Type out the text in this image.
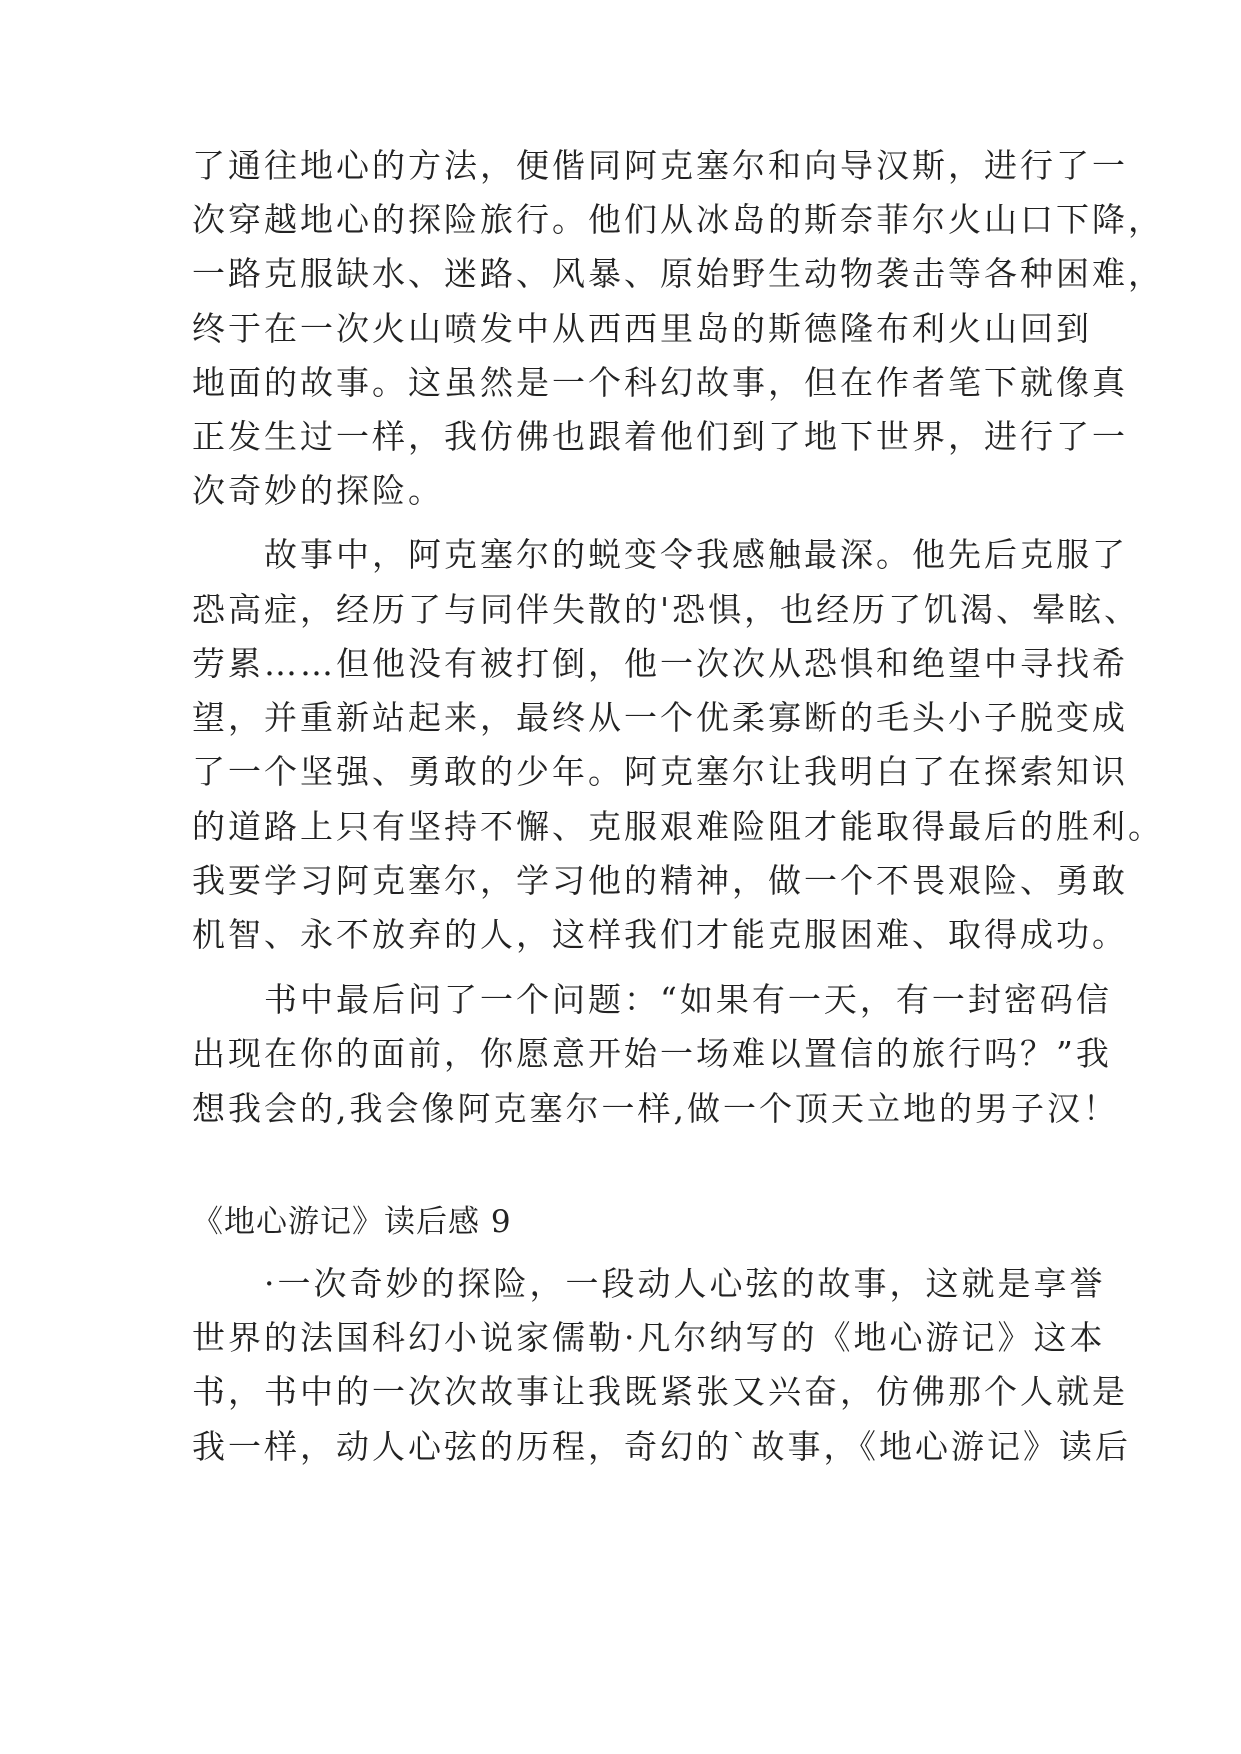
了通往地心的方法，便偕同阿克塞尔和向导汉斯，进行了一
次穿越地心的探险旅行。他们从冰岛的斯奈菲尔火山口下降，
一路克服缺水、迷路、风暴、原始野生动物袭击等各种困难，
终于在一次火山喷发中从西西里岛的斯德隆布利火山回到
地面的故事。这虽然是一个科幻故事，但在作者笔下就像真
正发生过一样，我仿佛也跟着他们到了地下世界，进行了一
次奇妙的探险。
　　故事中，阿克塞尔的蜕变令我感触最深。他先后克服了
恐高症，经历了与同伴失散的'恐惧，也经历了饥渴、晕眩、
劳累……但他没有被打倒，他一次次从恐惧和绝望中寻找希
望，并重新站起来，最终从一个优柔寡断的毛头小子脱变成
了一个坚强、勇敢的少年。阿克塞尔让我明白了在探索知识
的道路上只有坚持不懈、克服艰难险阻才能取得最后的胜利。
我要学习阿克塞尔，学习他的精神，做一个不畏艰险、勇敢
机智、永不放弃的人，这样我们才能克服困难、取得成功。
　　书中最后问了一个问题：“如果有一天，有一封密码信
出现在你的面前，你愿意开始一场难以置信的旅行吗？”我
想我会的,我会像阿克塞尔一样,做一个顶天立地的男子汉！
《地心游记》读后感 9
　　·一次奇妙的探险，一段动人心弦的故事，这就是享誉
世界的法国科幻小说家儒勒·凡尔纳写的《地心游记》这本
书，书中的一次次故事让我既紧张又兴奋，仿佛那个人就是
我一样，动人心弦的历程，奇幻的`故事，《地心游记》读后
